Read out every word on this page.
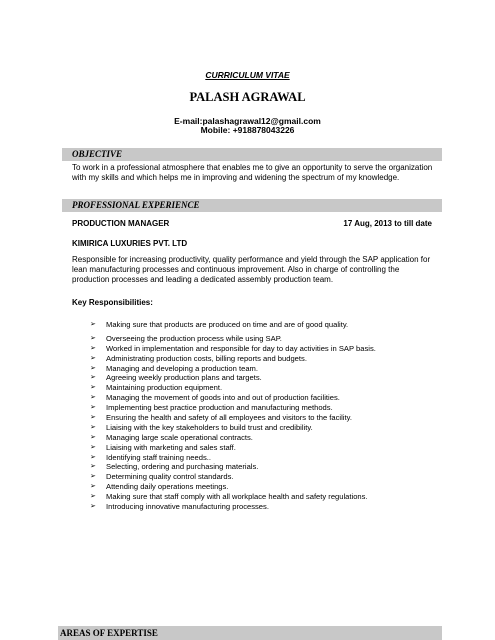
CURRICULUM VITAE
PALASH AGRAWAL
E-mail:palashagrawal12@gmail.com
Mobile: +918878043226
OBJECTIVE
To work in a professional atmosphere that enables me to give an opportunity to serve the organization with my skills and which helps me in improving and widening the spectrum of my knowledge.
PROFESSIONAL EXPERIENCE
PRODUCTION MANAGER	17 Aug, 2013 to till date
KIMIRICA LUXURIES PVT. LTD
Responsible for increasing productivity, quality performance and yield through the SAP application for lean manufacturing processes and continuous improvement. Also in charge of controlling the production processes and leading a dedicated assembly production team.
Key Responsibilities:
➢ Making sure that products are produced on time and are of good quality.
➢ Overseeing the production process while using SAP.
➢ Worked in implementation and responsible for day to day activities in SAP basis.
➢ Administrating production costs, billing reports and budgets.
➢ Managing and developing a production team.
➢ Agreeing weekly production plans and targets.
➢ Maintaining production equipment.
➢ Managing the movement of goods into and out of production facilities.
➢ Implementing best practice production and manufacturing methods.
➢ Ensuring the health and safety of all employees and visitors to the facility.
➢ Liaising with the key stakeholders to build trust and credibility.
➢ Managing large scale operational contracts.
➢ Liaising with marketing and sales staff.
➢ Identifying staff training needs..
➢ Selecting, ordering and purchasing materials.
➢ Determining quality control standards.
➢ Attending daily operations meetings.
➢ Making sure that staff comply with all workplace health and safety regulations.
➢ Introducing innovative manufacturing processes.
AREAS OF EXPERTISE
